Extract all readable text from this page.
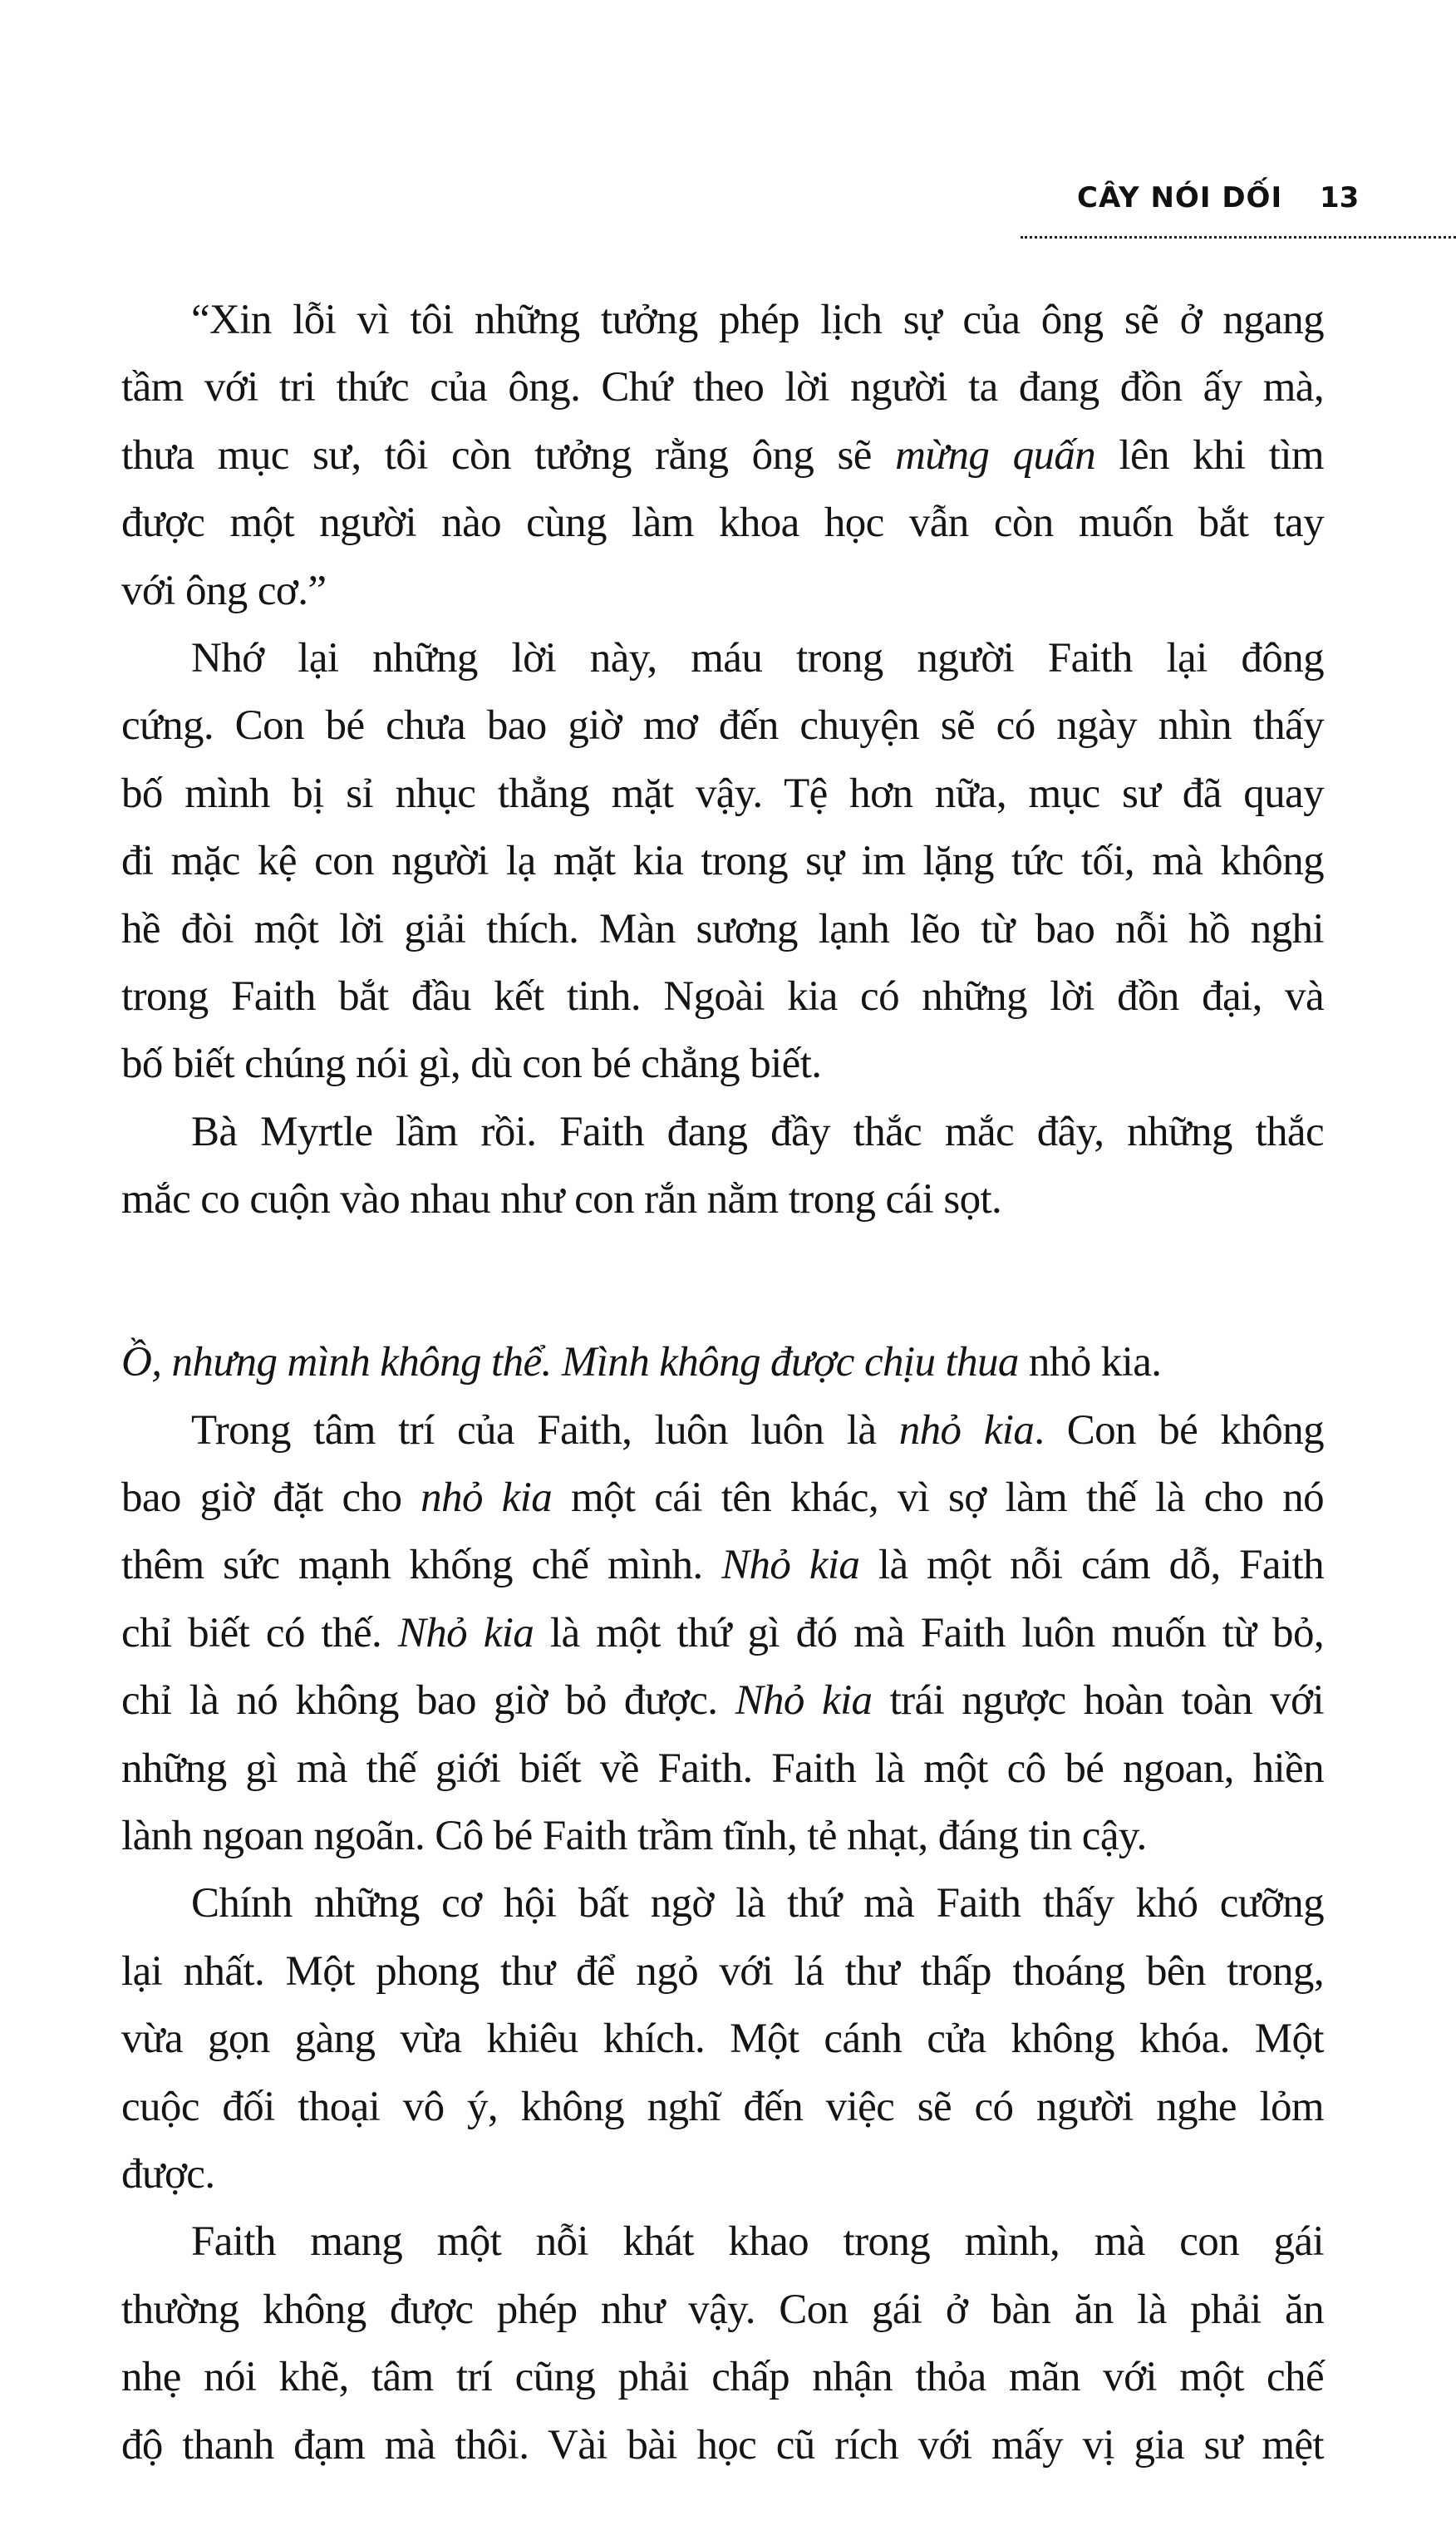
CÂY NÓI DỐI 13
“Xin lỗi vì tôi những tưởng phép lịch sự của ông sẽ ở ngang
tầm với tri thức của ông. Chứ theo lời người ta đang đồn ấy mà,
thưa mục sư, tôi còn tưởng rằng ông sẽ mừng quấn lên khi tìm
được một người nào cùng làm khoa học vẫn còn muốn bắt tay
với ông cơ.”
Nhớ lại những lời này, máu trong người Faith lại đông
cứng. Con bé chưa bao giờ mơ đến chuyện sẽ có ngày nhìn thấy
bố mình bị sỉ nhục thẳng mặt vậy. Tệ hơn nữa, mục sư đã quay
đi mặc kệ con người lạ mặt kia trong sự im lặng tức tối, mà không
hề đòi một lời giải thích. Màn sương lạnh lẽo từ bao nỗi hồ nghi
trong Faith bắt đầu kết tinh. Ngoài kia có những lời đồn đại, và
bố biết chúng nói gì, dù con bé chẳng biết.
Bà Myrtle lầm rồi. Faith đang đầy thắc mắc đây, những thắc
mắc co cuộn vào nhau như con rắn nằm trong cái sọt.
Ồ, nhưng mình không thể. Mình không được chịu thua nhỏ kia.
Trong tâm trí của Faith, luôn luôn là nhỏ kia. Con bé không
bao giờ đặt cho nhỏ kia một cái tên khác, vì sợ làm thế là cho nó
thêm sức mạnh khống chế mình. Nhỏ kia là một nỗi cám dỗ, Faith
chỉ biết có thế. Nhỏ kia là một thứ gì đó mà Faith luôn muốn từ bỏ,
chỉ là nó không bao giờ bỏ được. Nhỏ kia trái ngược hoàn toàn với
những gì mà thế giới biết về Faith. Faith là một cô bé ngoan, hiền
lành ngoan ngoãn. Cô bé Faith trầm tĩnh, tẻ nhạt, đáng tin cậy.
Chính những cơ hội bất ngờ là thứ mà Faith thấy khó cưỡng
lại nhất. Một phong thư để ngỏ với lá thư thấp thoáng bên trong,
vừa gọn gàng vừa khiêu khích. Một cánh cửa không khóa. Một
cuộc đối thoại vô ý, không nghĩ đến việc sẽ có người nghe lỏm
được.
Faith mang một nỗi khát khao trong mình, mà con gái
thường không được phép như vậy. Con gái ở bàn ăn là phải ăn
nhẹ nói khẽ, tâm trí cũng phải chấp nhận thỏa mãn với một chế
độ thanh đạm mà thôi. Vài bài học cũ rích với mấy vị gia sư mệt
